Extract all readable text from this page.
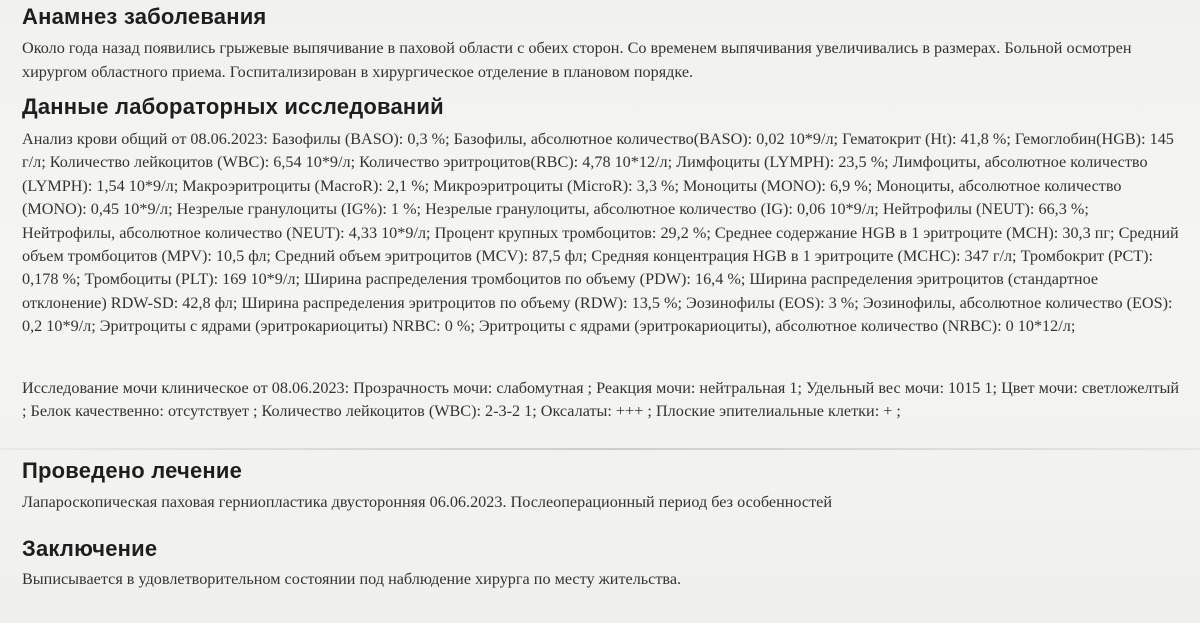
Анамнез заболевания
Около года назад появились грыжевые выпячивание в паховой области с обеих сторон. Со временем выпячивания увеличивались в размерах. Больной осмотрен хирургом областного приема. Госпитализирован в хирургическое отделение в плановом порядке.
Данные лабораторных исследований
Анализ крови общий от 08.06.2023: Базофилы (BASO): 0,3 %; Базофилы, абсолютное количество(BASO): 0,02 10*9/л; Гематокрит (Ht): 41,8 %; Гемоглобин(HGB): 145 г/л; Количество лейкоцитов (WBC): 6,54 10*9/л; Количество эритроцитов(RBC): 4,78 10*12/л; Лимфоциты (LYMPH): 23,5 %; Лимфоциты, абсолютное количество (LYMPH): 1,54 10*9/л; Макроэритроциты (MacroR): 2,1 %; Микроэритроциты (MicroR): 3,3 %; Моноциты (MONO): 6,9 %; Моноциты, абсолютное количество (MONO): 0,45 10*9/л; Незрелые гранулоциты (IG%): 1 %; Незрелые гранулоциты, абсолютное количество (IG): 0,06 10*9/л; Нейтрофилы (NEUT): 66,3 %; Нейтрофилы, абсолютное количество (NEUT): 4,33 10*9/л; Процент крупных тромбоцитов: 29,2 %; Среднее содержание HGB в 1 эритроците (MCH): 30,3 пг; Средний объем тромбоцитов (MPV): 10,5 фл; Средний объем эритроцитов (MCV): 87,5 фл; Средняя концентрация HGB в 1 эритроците (MCHC): 347 г/л; Тромбокрит (PCT): 0,178 %; Тромбоциты (PLT): 169 10*9/л; Ширина распределения тромбоцитов по объему (PDW): 16,4 %; Ширина распределения эритроцитов (стандартное отклонение) RDW-SD: 42,8 фл; Ширина распределения эритроцитов по объему (RDW): 13,5 %; Эозинофилы (EOS): 3 %; Эозинофилы, абсолютное количество (EOS): 0,2 10*9/л; Эритроциты с ядрами (эритрокариоциты) NRBC: 0 %; Эритроциты с ядрами (эритрокариоциты), абсолютное количество (NRBC): 0 10*12/л;
Исследование мочи клиническое от 08.06.2023: Прозрачность мочи: слабомутная ; Реакция мочи: нейтральная 1; Удельный вес мочи: 1015 1; Цвет мочи: светложелтый ; Белок качественно: отсутствует ; Количество лейкоцитов (WBC): 2-3-2 1; Оксалаты: +++ ; Плоские эпителиальные клетки: + ;
Проведено лечение
Лапароскопическая паховая герниопластика двусторонняя 06.06.2023. Послеоперационный период без особенностей
Заключение
Выписывается в удовлетворительном состоянии под наблюдение хирурга по месту жительства.
